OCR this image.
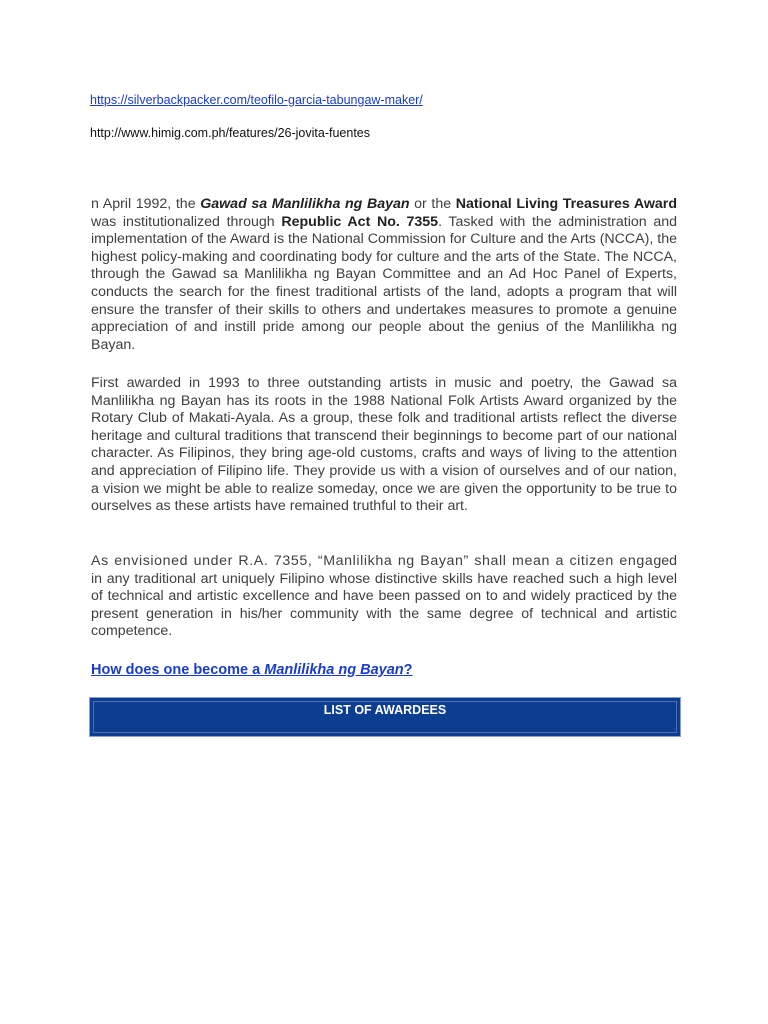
https://silverbackpacker.com/teofilo-garcia-tabungaw-maker/
http://www.himig.com.ph/features/26-jovita-fuentes
n April 1992, the Gawad sa Manlilikha ng Bayan or the National Living Treasures Award was institutionalized through Republic Act No. 7355. Tasked with the administration and implementation of the Award is the National Commission for Culture and the Arts (NCCA), the highest policy-making and coordinating body for culture and the arts of the State. The NCCA, through the Gawad sa Manlilikha ng Bayan Committee and an Ad Hoc Panel of Experts, conducts the search for the finest traditional artists of the land, adopts a program that will ensure the transfer of their skills to others and undertakes measures to promote a genuine appreciation of and instill pride among our people about the genius of the Manlilikha ng Bayan.
First awarded in 1993 to three outstanding artists in music and poetry, the Gawad sa Manlilikha ng Bayan has its roots in the 1988 National Folk Artists Award organized by the Rotary Club of Makati-Ayala. As a group, these folk and traditional artists reflect the diverse heritage and cultural traditions that transcend their beginnings to become part of our national character. As Filipinos, they bring age-old customs, crafts and ways of living to the attention and appreciation of Filipino life. They provide us with a vision of ourselves and of our nation, a vision we might be able to realize someday, once we are given the opportunity to be true to ourselves as these artists have remained truthful to their art.
As envisioned under R.A. 7355, “Manlilikha ng Bayan” shall mean a citizen engaged in any traditional art uniquely Filipino whose distinctive skills have reached such a high level of technical and artistic excellence and have been passed on to and widely practiced by the present generation in his/her community with the same degree of technical and artistic competence.
How does one become a Manlilikha ng Bayan?
LIST OF AWARDEES
